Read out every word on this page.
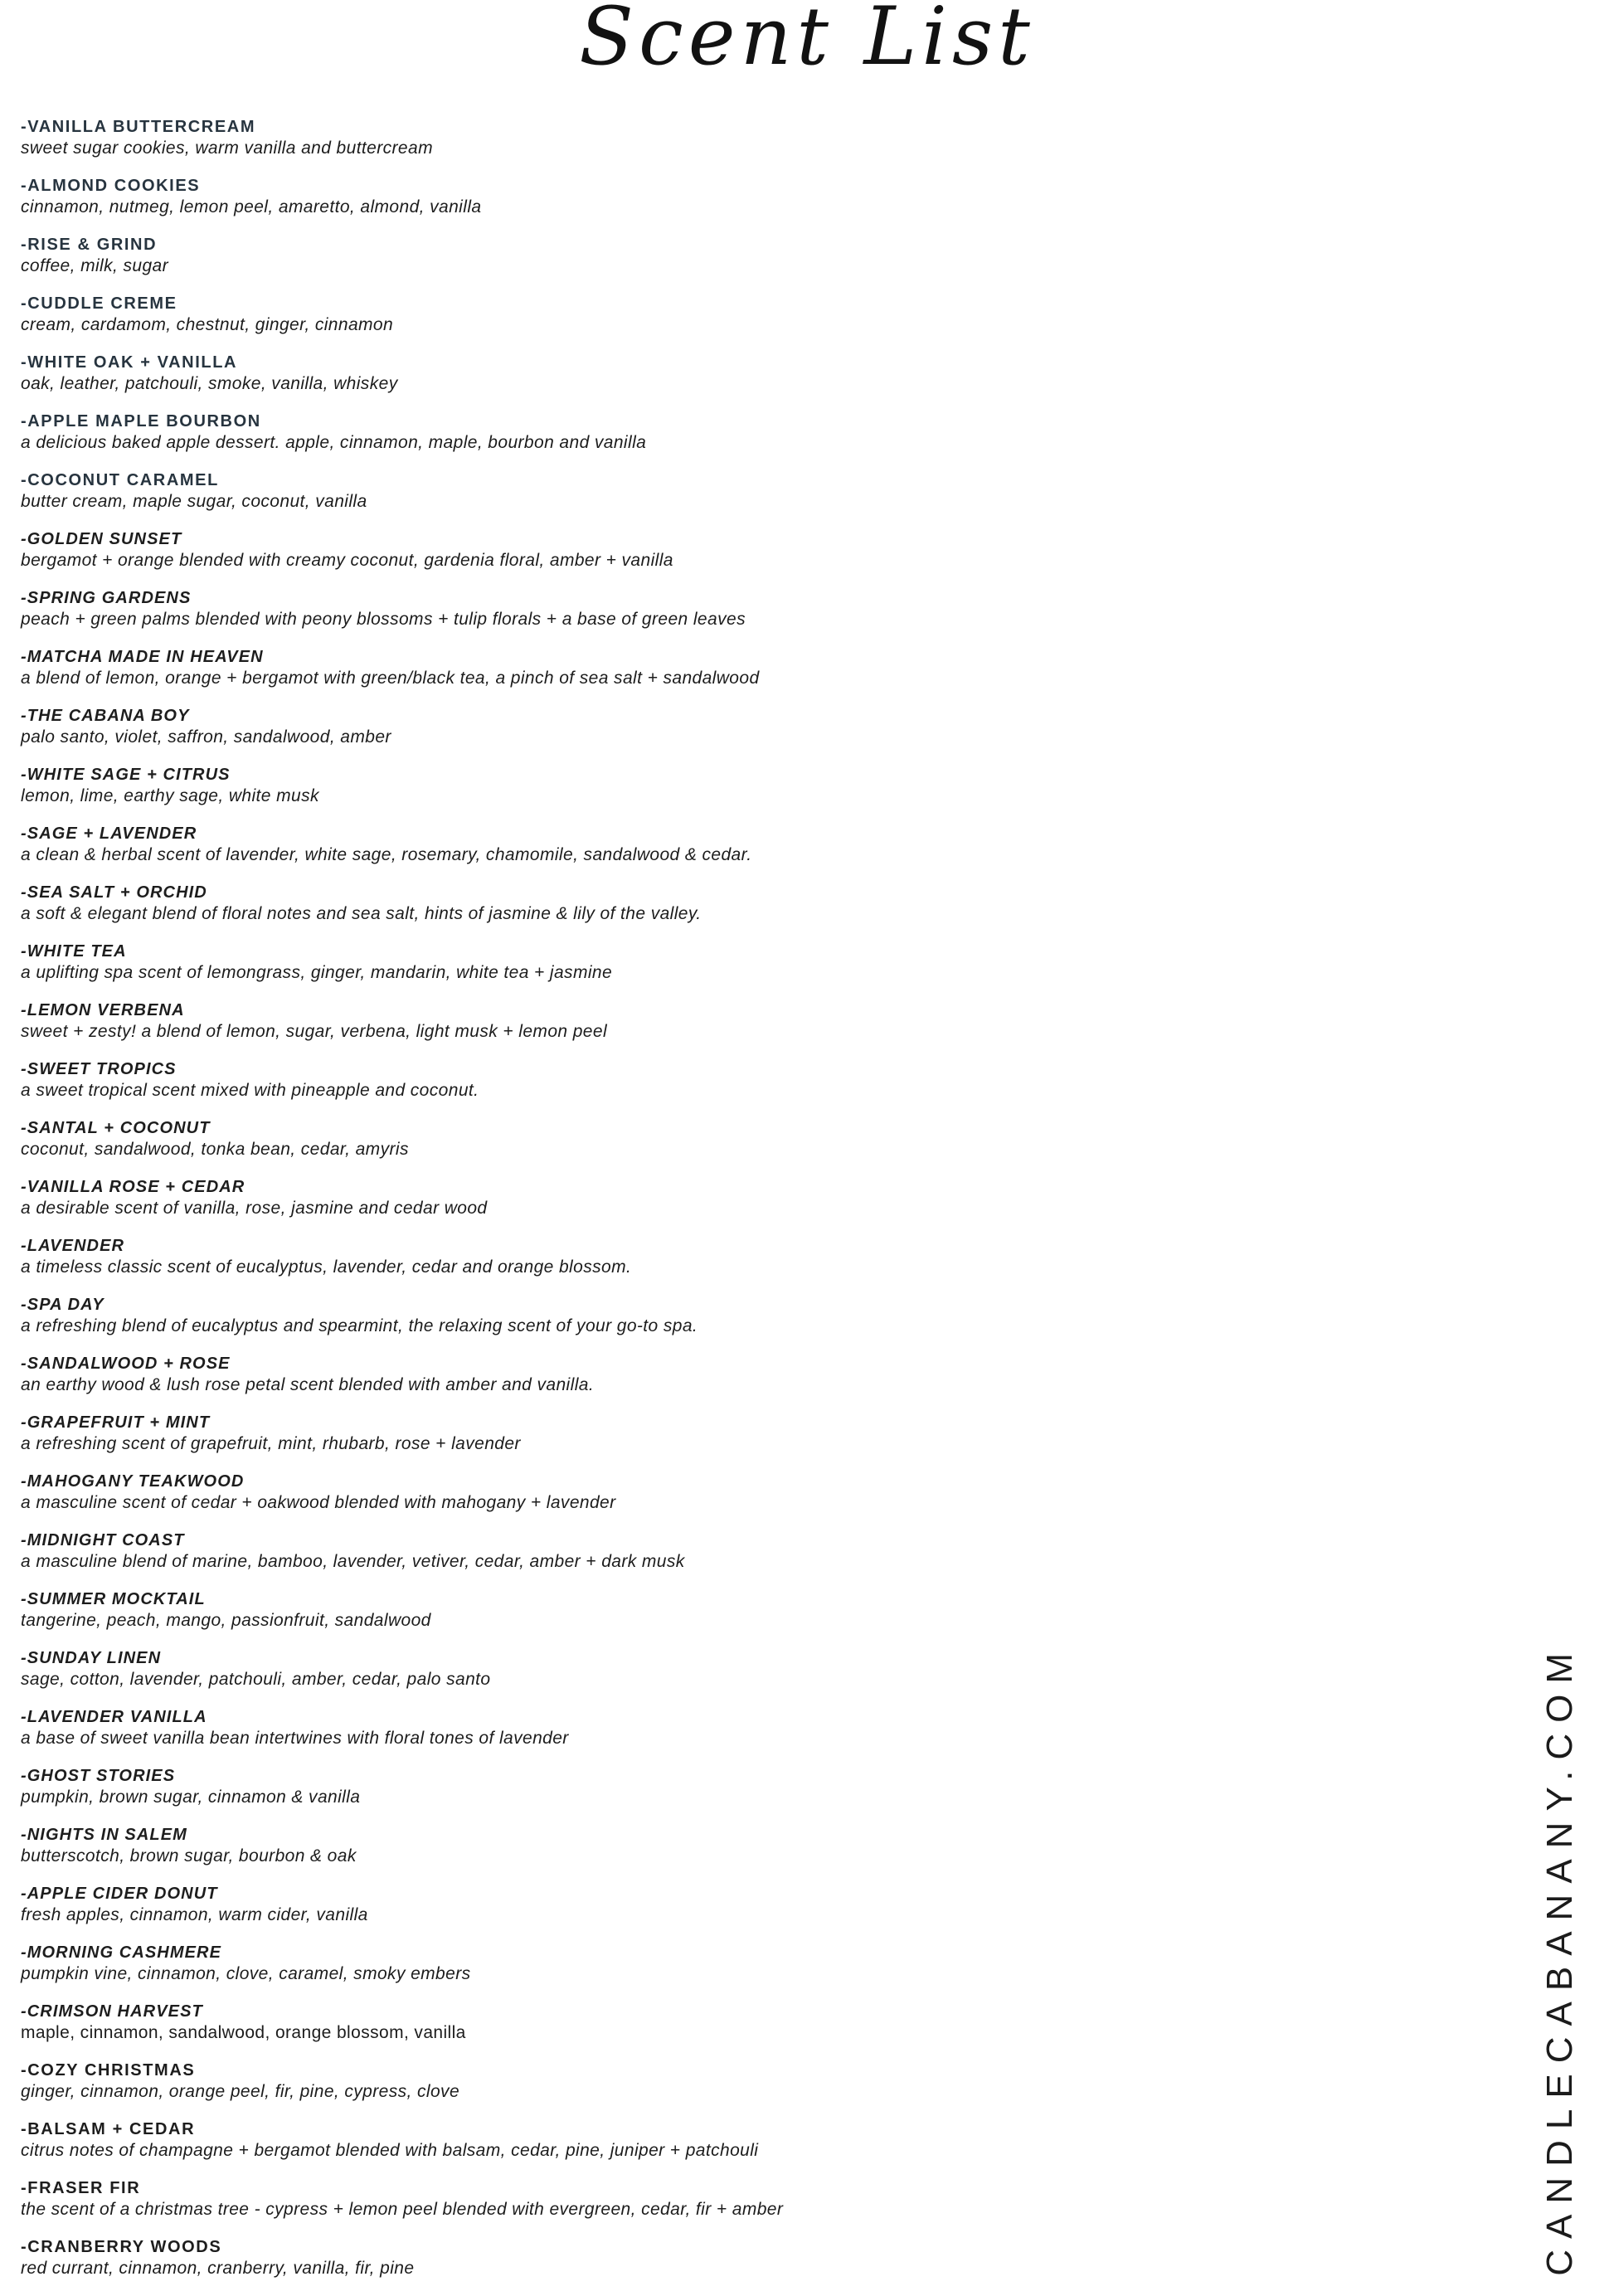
Scent List
-VANILLA BUTTERCREAM
sweet sugar cookies, warm vanilla and buttercream
-ALMOND COOKIES
cinnamon, nutmeg, lemon peel, amaretto, almond, vanilla
-RISE & GRIND
coffee, milk, sugar
-CUDDLE CREME
cream, cardamom, chestnut, ginger, cinnamon
-WHITE OAK + VANILLA
oak, leather, patchouli, smoke, vanilla, whiskey
-APPLE MAPLE BOURBON
a delicious baked apple dessert. apple, cinnamon, maple, bourbon and vanilla
-COCONUT CARAMEL
butter cream, maple sugar, coconut, vanilla
-GOLDEN SUNSET
bergamot + orange blended with creamy coconut, gardenia floral, amber + vanilla
-SPRING GARDENS
peach + green palms blended with peony blossoms + tulip florals + a base of green leaves
-MATCHA MADE IN HEAVEN
a blend of lemon, orange + bergamot with green/black tea, a pinch of sea salt + sandalwood
-THE CABANA BOY
palo santo, violet, saffron, sandalwood, amber
-WHITE SAGE + CITRUS
lemon, lime, earthy sage, white musk
-SAGE + LAVENDER
a clean & herbal scent of lavender, white sage, rosemary, chamomile, sandalwood & cedar.
-SEA SALT + ORCHID
a soft & elegant blend of floral notes and sea salt, hints of jasmine & lily of the valley.
-WHITE TEA
a uplifting spa scent of lemongrass, ginger, mandarin, white tea + jasmine
-LEMON VERBENA
sweet + zesty! a blend of lemon, sugar, verbena, light musk + lemon peel
-SWEET TROPICS
a sweet tropical scent mixed with pineapple and coconut.
-SANTAL + COCONUT
coconut, sandalwood, tonka bean, cedar, amyris
-VANILLA ROSE + CEDAR
a desirable scent of vanilla, rose, jasmine and cedar wood
-LAVENDER
a timeless classic scent of eucalyptus, lavender, cedar and orange blossom.
-SPA DAY
a refreshing blend of eucalyptus and spearmint, the relaxing scent of your go-to spa.
-SANDALWOOD + ROSE
an earthy wood & lush rose petal scent blended with amber and vanilla.
-GRAPEFRUIT + MINT
a refreshing scent of grapefruit, mint, rhubarb, rose + lavender
-MAHOGANY TEAKWOOD
a masculine scent of cedar + oakwood blended with mahogany + lavender
-MIDNIGHT COAST
a masculine blend of marine, bamboo, lavender, vetiver, cedar, amber + dark musk
-SUMMER MOCKTAIL
tangerine, peach, mango, passionfruit, sandalwood
-SUNDAY LINEN
sage, cotton, lavender, patchouli, amber, cedar, palo santo
-LAVENDER VANILLA
a base of sweet vanilla bean intertwines with floral tones of lavender
-GHOST STORIES
pumpkin, brown sugar, cinnamon & vanilla
-NIGHTS IN SALEM
butterscotch, brown sugar, bourbon & oak
-APPLE CIDER DONUT
fresh apples, cinnamon, warm cider, vanilla
-MORNING CASHMERE
pumpkin vine, cinnamon, clove, caramel, smoky embers
-CRIMSON HARVEST
maple, cinnamon, sandalwood, orange blossom, vanilla
-COZY CHRISTMAS
ginger, cinnamon, orange peel, fir, pine, cypress, clove
-BALSAM + CEDAR
citrus notes of champagne + bergamot blended with balsam, cedar, pine, juniper + patchouli
-FRASER FIR
the scent of a christmas tree - cypress + lemon peel blended with evergreen, cedar, fir + amber
-CRANBERRY WOODS
red currant, cinnamon, cranberry, vanilla, fir, pine	CANDLECABANANY.COM
